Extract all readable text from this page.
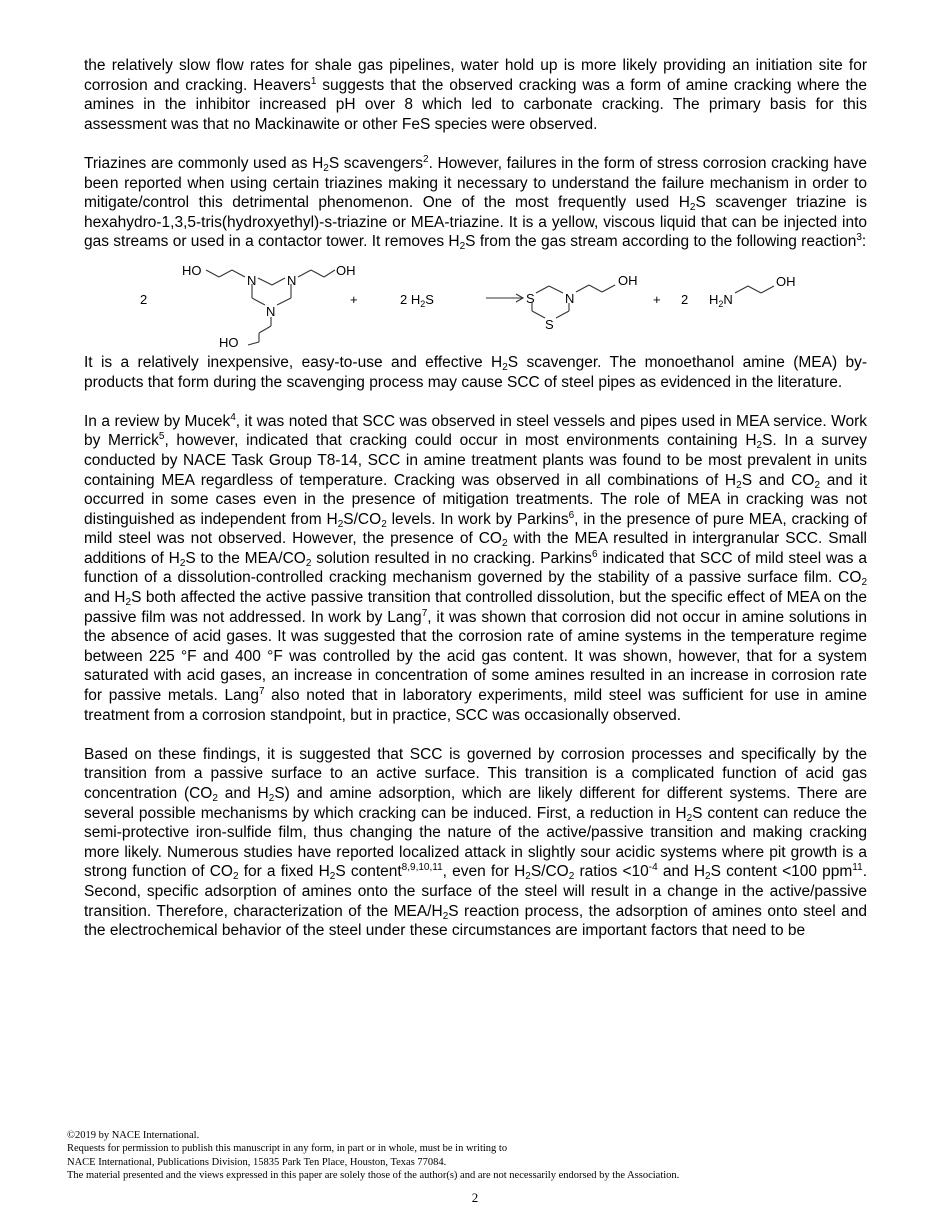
the relatively slow flow rates for shale gas pipelines, water hold up is more likely providing an initiation site for corrosion and cracking. Heavers$^1$ suggests that the observed cracking was a form of amine cracking where the amines in the inhibitor increased pH over 8 which led to carbonate cracking. The primary basis for this assessment was that no Mackinawite or other FeS species were observed.

Triazines are commonly used as $H_2S$ scavengers$^2$. However, failures in the form of stress corrosion cracking have been reported when using certain triazines making it necessary to understand the failure mechanism in order to mitigate/control this detrimental phenomenon. One of the most frequently used $H_2S$ scavenger triazine is hexahydro-1,3,5-tris(hydroxyethyl)-s-triazine or MEA-triazine. It is a yellow, viscous liquid that can be injected into gas streams or used in a contactor tower. It removes $H_2S$ from the gas stream according to the following reaction$^3$:

2
HO	OH
HO
N N
N
+	2 $H_2S$	S N
S
OH
+ 2 $H_2N$
OH

It is a relatively inexpensive, easy-to-use and effective $H_2S$ scavenger. The monoethanol amine (MEA) by-products that form during the scavenging process may cause SCC of steel pipes as evidenced in the literature.

In a review by Mucek$^4$, it was noted that SCC was observed in steel vessels and pipes used in MEA service. Work by Merrick$^5$, however, indicated that cracking could occur in most environments containing $H_2S$. In a survey conducted by NACE Task Group T8-14, SCC in amine treatment plants was found to be most prevalent in units containing MEA regardless of temperature. Cracking was observed in all combinations of $H_2S$ and $CO_2$ and it occurred in some cases even in the presence of mitigation treatments. The role of MEA in cracking was not distinguished as independent from $H_2S/CO_2$ levels. In work by Parkins$^6$, in the presence of pure MEA, cracking of mild steel was not observed. However, the presence of $CO_2$ with the MEA resulted in intergranular SCC. Small additions of $H_2S$ to the MEA/$CO_2$ solution resulted in no cracking. Parkins$^6$ indicated that SCC of mild steel was a function of a dissolution-controlled cracking mechanism governed by the stability of a passive surface film. $CO_2$ and $H_2S$ both affected the active passive transition that controlled dissolution, but the specific effect of MEA on the passive film was not addressed. In work by Lang$^7$, it was shown that corrosion did not occur in amine solutions in the absence of acid gases. It was suggested that the corrosion rate of amine systems in the temperature regime between 225 °F and 400 °F was controlled by the acid gas content. It was shown, however, that for a system saturated with acid gases, an increase in concentration of some amines resulted in an increase in corrosion rate for passive metals. Lang$^7$ also noted that in laboratory experiments, mild steel was sufficient for use in amine treatment from a corrosion standpoint, but in practice, SCC was occasionally observed.

Based on these findings, it is suggested that SCC is governed by corrosion processes and specifically by the transition from a passive surface to an active surface. This transition is a complicated function of acid gas concentration ($CO_2$ and $H_2S$) and amine adsorption, which are likely different for different systems. There are several possible mechanisms by which cracking can be induced. First, a reduction in $H_2S$ content can reduce the semi-protective iron-sulfide film, thus changing the nature of the active/passive transition and making cracking more likely. Numerous studies have reported localized attack in slightly sour acidic systems where pit growth is a strong function of $CO_2$ for a fixed $H_2S$ content$^{8,9,10,11}$, even for $H_2S/CO_2$ ratios $<10^{-4}$ and $H_2S$ content <100 ppm$^{11}$. Second, specific adsorption of amines onto the surface of the steel will result in a change in the active/passive transition. Therefore, characterization of the MEA/$H_2S$ reaction process, the adsorption of amines onto steel and the electrochemical behavior of the steel under these circumstances are important factors that need to be

©2019 by NACE International.
Requests for permission to publish this manuscript in any form, in part or in whole, must be in writing to
NACE International, Publications Division, 15835 Park Ten Place, Houston, Texas 77084.
The material presented and the views expressed in this paper are solely those of the author(s) and are not necessarily endorsed by the Association.
2
